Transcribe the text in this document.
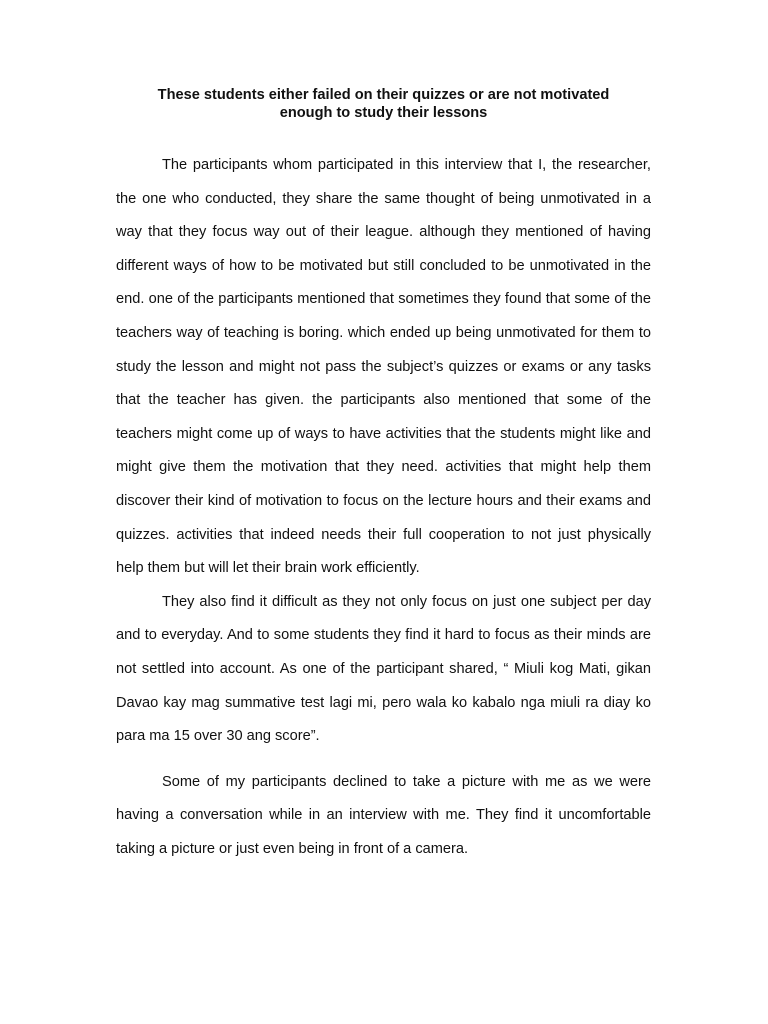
These students either failed on their quizzes or are not motivated
enough to study their lessons

The participants whom participated in this interview that I, the researcher, the one who conducted, they share the same thought of being unmotivated in a way that they focus way out of their league. although they mentioned of having different ways of how to be motivated but still concluded to be unmotivated in the end. one of the participants mentioned that sometimes they found that some of the teachers way of teaching is boring. which ended up being unmotivated for them to study the lesson and might not pass the subject’s quizzes or exams or any tasks that the teacher has given. the participants also mentioned that some of the teachers might come up of ways to have activities that the students might like and might give them the motivation that they need. activities that might help them discover their kind of motivation to focus on the lecture hours and their exams and quizzes. activities that indeed needs their full cooperation to not just physically help them but will let their brain work efficiently.

They also find it difficult as they not only focus on just one subject per day and to everyday. And to some students they find it hard to focus as their minds are not settled into account. As one of the participant shared, “ Miuli kog Mati, gikan Davao kay mag summative test lagi mi, pero wala ko kabalo nga miuli ra diay ko para ma 15 over 30 ang score”.

Some of my participants declined to take a picture with me as we were having a conversation while in an interview with me. They find it uncomfortable taking a picture or just even being in front of a camera.
